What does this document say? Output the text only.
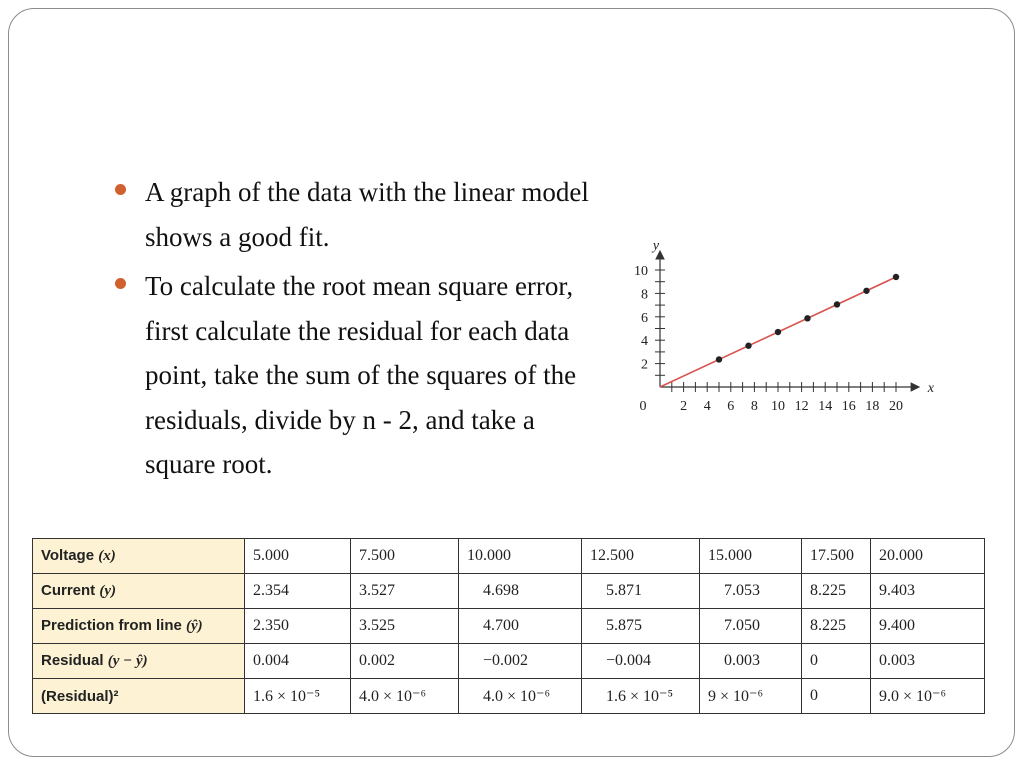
A graph of the data with the linear model shows a good fit.
To calculate the root mean square error, first calculate the residual for each data point, take the sum of the squares of the residuals, divide by n - 2, and take a square root.
0 2 4 6 8 10 12 14 16 18 20
2
4
6
8
10
x
y
Voltage (x)	5.000	7.500	10.000	12.500	15.000	17.500	20.000
Current (y)	2.354	3.527	4.698	5.871	7.053	8.225	9.403
Prediction from line (ŷ)	2.350	3.525	4.700	5.875	7.050	8.225	9.400
Residual (y − ŷ)	0.004	0.002	−0.002	−0.004	0.003	0	0.003
(Residual)²	1.6 × 10⁻⁵	4.0 × 10⁻⁶	4.0 × 10⁻⁶	1.6 × 10⁻⁵	9 × 10⁻⁶	0	9.0 × 10⁻⁶
